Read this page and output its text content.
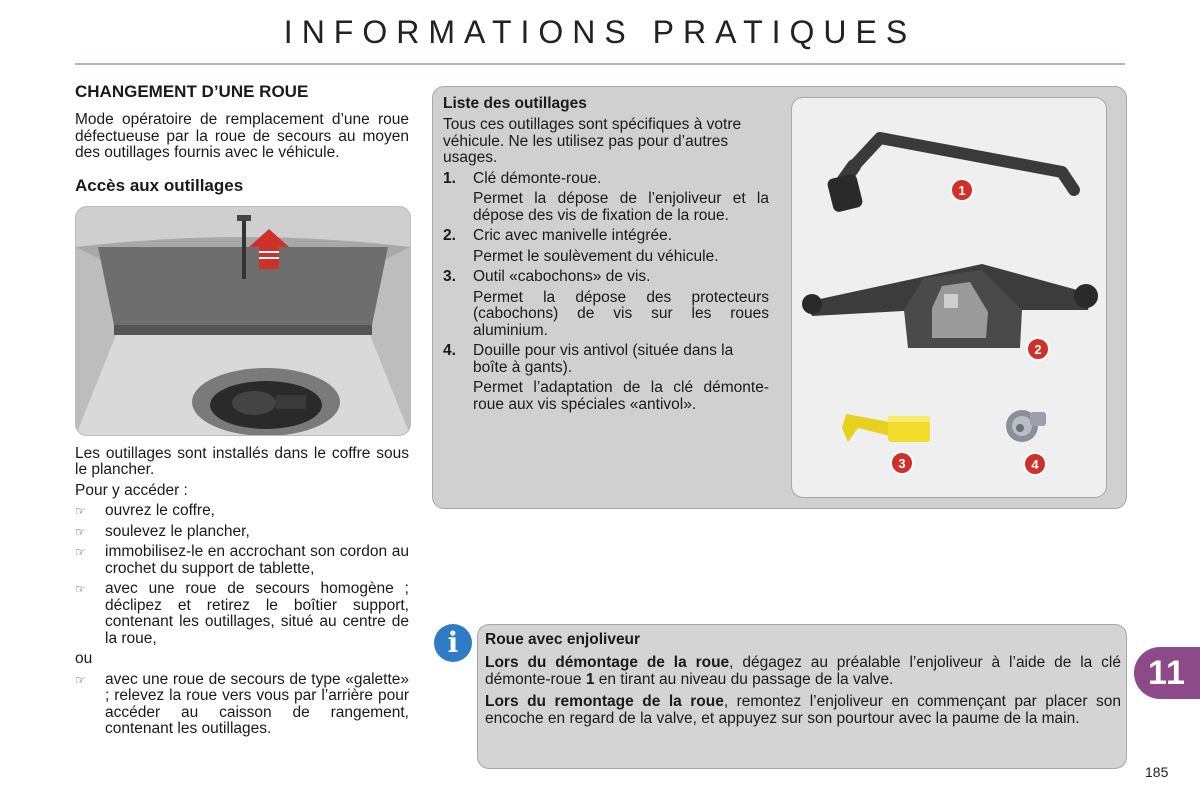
INFORMATIONS PRATIQUES
CHANGEMENT D’UNE ROUE

Mode opératoire de remplacement d’une roue défectueuse par la roue de secours au moyen des outillages fournis avec le véhicule.

Accès aux outillages

Les outillages sont installés dans le coffre sous le plancher.

Pour y accéder :
☞ ouvrez le coffre,
☞ soulevez le plancher,
☞ immobilisez-le en accrochant son cordon au crochet du support de tablette,
☞ avec une roue de secours homogène ; déclipez et retirez le boîtier support, contenant les outillages, situé au centre de la roue,
ou
☞ avec une roue de secours de type «galette» ; relevez la roue vers vous par l’arrière pour accéder au caisson de rangement, contenant les outillages.
Liste des outillages
Tous ces outillages sont spécifiques à votre véhicule. Ne les utilisez pas pour d’autres usages.
1.	Clé démonte-roue.
Permet la dépose de l’enjoliveur et la dépose des vis de fixation de la roue.
2.	Cric avec manivelle intégrée.
Permet le soulèvement du véhicule.
3.	Outil «cabochons» de vis.
Permet la dépose des protecteurs (cabochons) de vis sur les roues aluminium.
4.	Douille pour vis antivol (située dans la boîte à gants).
Permet l’adaptation de la clé démonte-roue aux vis spéciales «antivol».
1
2
3	4
i	Roue avec enjoliveur

Lors du démontage de la roue, dégagez au préalable l’enjoliveur à l’aide de la clé démonte-roue 1 en tirant au niveau du passage de la valve.

Lors du remontage de la roue, remontez l’enjoliveur en commençant par placer son encoche en regard de la valve, et appuyez sur son pourtour avec la paume de la main.

11
185
